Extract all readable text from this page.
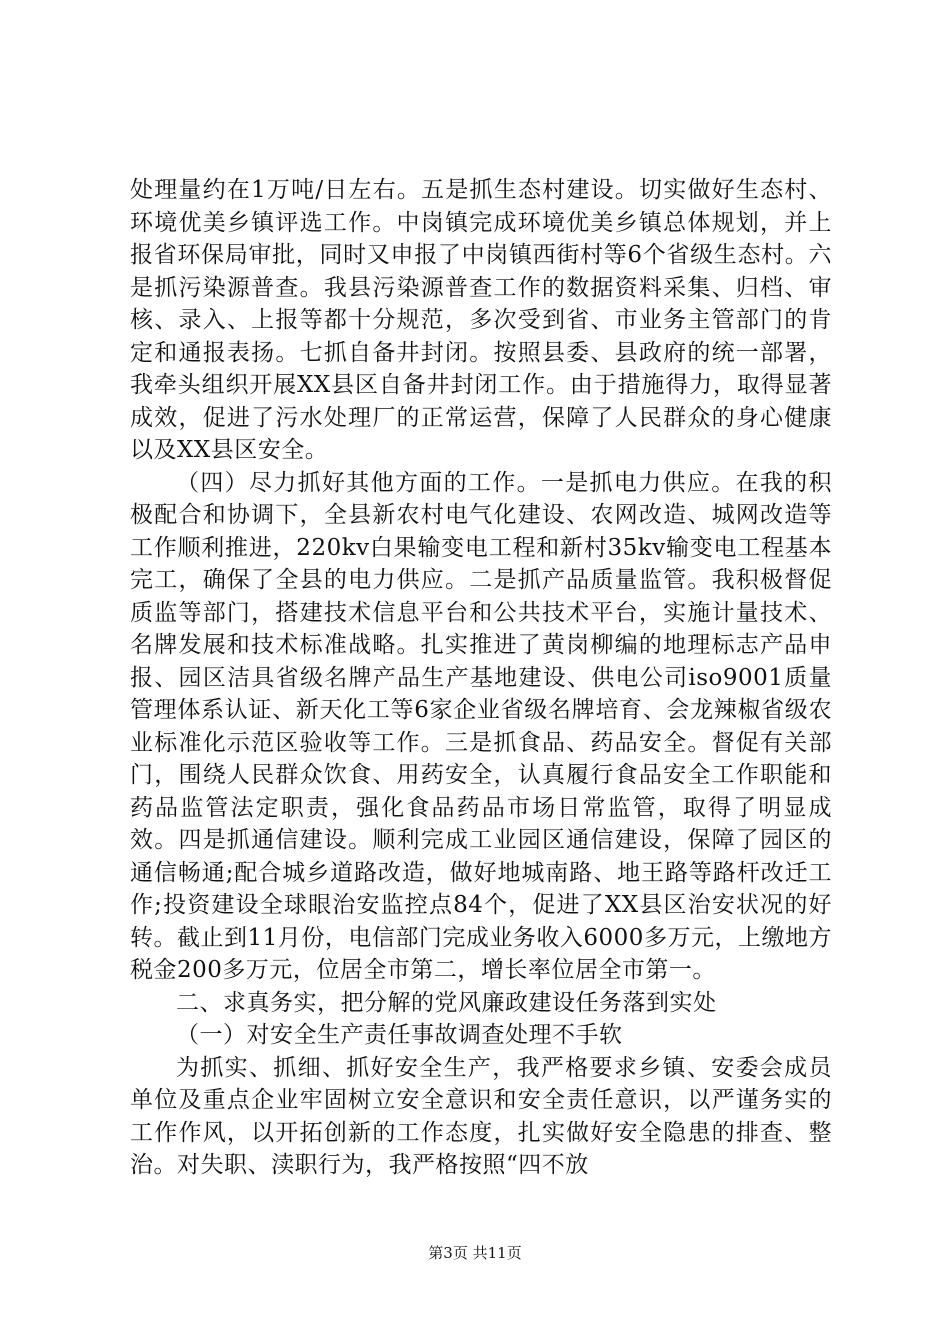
处理量约在1万吨/日左右。五是抓生态村建设。切实做好生态村、环境优美乡镇评选工作。中岗镇完成环境优美乡镇总体规划，并上报省环保局审批，同时又申报了中岗镇西街村等6个省级生态村。六是抓污染源普查。我县污染源普查工作的数据资料采集、归档、审核、录入、上报等都十分规范，多次受到省、市业务主管部门的肯定和通报表扬。七抓自备井封闭。按照县委、县政府的统一部署，我牵头组织开展XX县区自备井封闭工作。由于措施得力，取得显著成效，促进了污水处理厂的正常运营，保障了人民群众的身心健康以及XX县区安全。

（四）尽力抓好其他方面的工作。一是抓电力供应。在我的积极配合和协调下，全县新农村电气化建设、农网改造、城网改造等工作顺利推进，220kv白果输变电工程和新村35kv输变电工程基本完工，确保了全县的电力供应。二是抓产品质量监管。我积极督促质监等部门，搭建技术信息平台和公共技术平台，实施计量技术、名牌发展和技术标准战略。扎实推进了黄岗柳编的地理标志产品申报、园区洁具省级名牌产品生产基地建设、供电公司iso9001质量管理体系认证、新天化工等6家企业省级名牌培育、会龙辣椒省级农业标准化示范区验收等工作。三是抓食品、药品安全。督促有关部门，围绕人民群众饮食、用药安全，认真履行食品安全工作职能和药品监管法定职责，强化食品药品市场日常监管，取得了明显成效。四是抓通信建设。顺利完成工业园区通信建设，保障了园区的通信畅通;配合城乡道路改造，做好地城南路、地王路等路杆改迁工作;投资建设全球眼治安监控点84个，促进了XX县区治安状况的好转。截止到11月份，电信部门完成业务收入6000多万元，上缴地方税金200多万元，位居全市第二，增长率位居全市第一。

二、求真务实，把分解的党风廉政建设任务落到实处

（一）对安全生产责任事故调查处理不手软

为抓实、抓细、抓好安全生产，我严格要求乡镇、安委会成员单位及重点企业牢固树立安全意识和安全责任意识，以严谨务实的工作作风，以开拓创新的工作态度，扎实做好安全隐患的排查、整治。对失职、渎职行为，我严格按照“四不放

第3页 共11页
